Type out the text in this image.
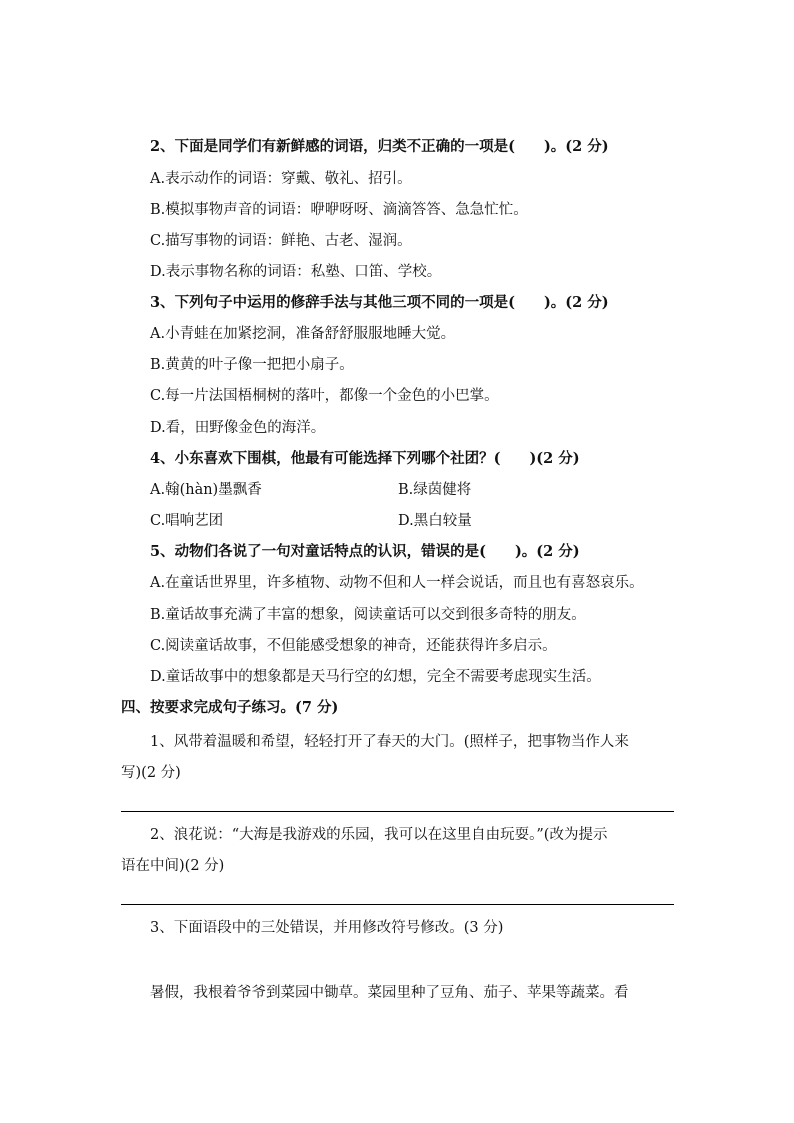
2、下面是同学们有新鲜感的词语，归类不正确的一项是(　　)。(2 分)
A.表示动作的词语：穿戴、敬礼、招引。
B.模拟事物声音的词语：咿咿呀呀、滴滴答答、急急忙忙。
C.描写事物的词语：鲜艳、古老、湿润。
D.表示事物名称的词语：私塾、口笛、学校。
3、下列句子中运用的修辞手法与其他三项不同的一项是(　　)。(2 分)
A.小青蛙在加紧挖洞，准备舒舒服服地睡大觉。
B.黄黄的叶子像一把把小扇子。
C.每一片法国梧桐树的落叶，都像一个金色的小巴掌。
D.看，田野像金色的海洋。
4、小东喜欢下围棋，他最有可能选择下列哪个社团？(　　)(2 分)
A.翰(hàn)墨飘香	B.绿茵健将
C.唱响艺团	D.黑白较量
5、动物们各说了一句对童话特点的认识，错误的是(　　)。(2 分)
A.在童话世界里，许多植物、动物不但和人一样会说话，而且也有喜怒哀乐。
B.童话故事充满了丰富的想象，阅读童话可以交到很多奇特的朋友。
C.阅读童话故事，不但能感受想象的神奇，还能获得许多启示。
D.童话故事中的想象都是天马行空的幻想，完全不需要考虑现实生活。
四、按要求完成句子练习。(7 分)
1、风带着温暖和希望，轻轻打开了春天的大门。(照样子，把事物当作人来
写)(2 分)
2、浪花说：“大海是我游戏的乐园，我可以在这里自由玩耍。”(改为提示
语在中间)(2 分)
3、下面语段中的三处错误，并用修改符号修改。(3 分)
暑假，我根着爷爷到菜园中锄草。菜园里种了豆角、茄子、苹果等蔬菜。看
